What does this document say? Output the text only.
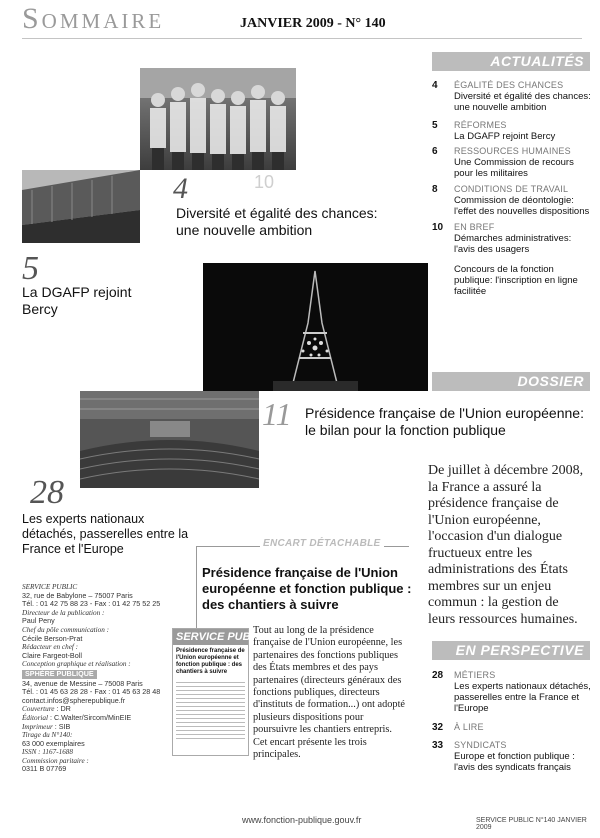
Sommaire	JANVIER 2009 - N° 140
ACTUALITÉS
4 ÉGALITÉ DES CHANCES
Diversité et égalité des chances: une nouvelle ambition
5 RÉFORMES
La DGAFP rejoint Bercy
6 RESSOURCES HUMAINES
Une Commission de recours pour les militaires
8 CONDITIONS DE TRAVAIL
Commission de déontologie: l'effet des nouvelles dispositions
10 EN BREF
Démarches administratives: l'avis des usagers
Concours de la fonction publique: l'inscription en ligne facilitée
4	10
Diversité et égalité des chances: une nouvelle ambition
5
La DGAFP rejoint Bercy
DOSSIER
11 Présidence française de l'Union européenne: le bilan pour la fonction publique
De juillet à décembre 2008, la France a assuré la présidence française de l'Union européenne, l'occasion d'un dialogue fructueux entre les administrations des États membres sur un enjeu commun : la gestion de leurs ressources humaines.
28
Les experts nationaux détachés, passerelles entre la France et l'Europe	ENCART DÉTACHABLE
Présidence française de l'Union européenne et fonction publique : des chantiers à suivre
SERVICE PUBLIC
Présidence française de l'Union européenne et fonction publique : des chantiers à suivre
Tout au long de la présidence française de l'Union européenne, les partenaires des fonctions publiques des États membres et des pays partenaires (directeurs généraux des fonctions publiques, directeurs d'instituts de formation...) ont adopté plusieurs dispositions pour poursuivre les chantiers entrepris. Cet encart présente les trois principales.
EN PERSPECTIVE
28 MÉTIERS
Les experts nationaux détachés, passerelles entre la France et l'Europe
32 À LIRE
33 SYNDICATS
Europe et fonction publique : l'avis des syndicats français
SERVICE PUBLIC
32, rue de Babylone – 75007 Paris
Tél. : 01 42 75 88 23 - Fax : 01 42 75 52 25
Directeur de la publication :
Paul Peny
Chef du pôle communication :
Cécile Berson-Prat
Rédacteur en chef :
Claire Fargeot-Boll
Conception graphique et réalisation :
SPHÈRE PUBLIQUE
34, avenue de Messine – 75008 Paris
Tél. : 01 45 63 28 28 - Fax : 01 45 63 28 48
contact.infos@spherepublique.fr
Couverture : DR
Éditorial : C.Walter/Sircom/MinEIE
Imprimeur : SIB
Tirage du N°140:
63 000 exemplaires
ISSN : 1167-1688
Commission paritaire :
0311 B 07769
www.fonction-publique.gouv.fr	SERVICE PUBLIC N°140 JANVIER 2009
